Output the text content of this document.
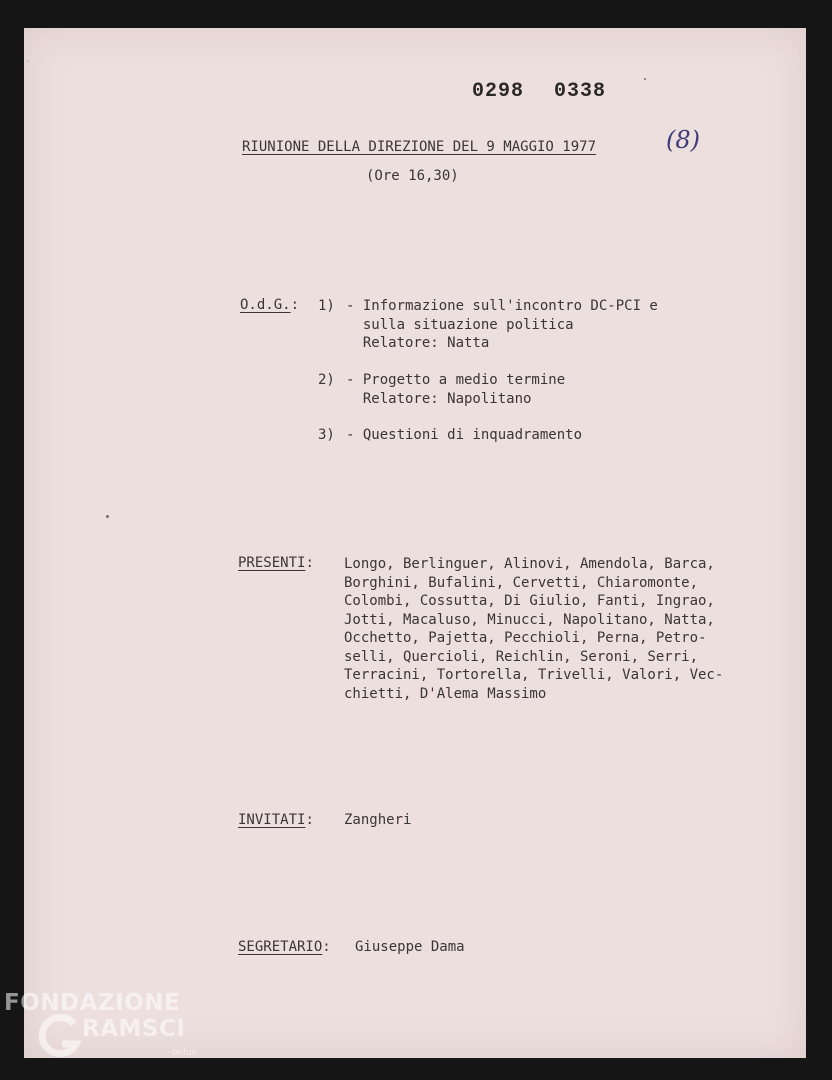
0298 0338
RIUNIONE DELLA DIREZIONE DEL 9 MAGGIO 1977	(8)
(Ore 16,30)
O.d.G.: 1) - Informazione sull'incontro DC-PCI e
sulla situazione politica
Relatore: Natta
2) - Progetto a medio termine
Relatore: Napolitano
3) - Questioni di inquadramento
PRESENTI: Longo, Berlinguer, Alinovi, Amendola, Barca,
Borghini, Bufalini, Cervetti, Chiaromonte,
Colombi, Cossutta, Di Giulio, Fanti, Ingrao,
Jotti, Macaluso, Minucci, Napolitano, Natta,
Occhetto, Pajetta, Pecchioli, Perna, Petro-
selli, Quercioli, Reichlin, Seroni, Serri,
Terracini, Tortorella, Trivelli, Valori, Vec-
chietti, D'Alema Massimo
INVITATI: Zangheri
SEGRETARIO: Giuseppe Dama
FONDAZIONE
RAMSCI
onlus
